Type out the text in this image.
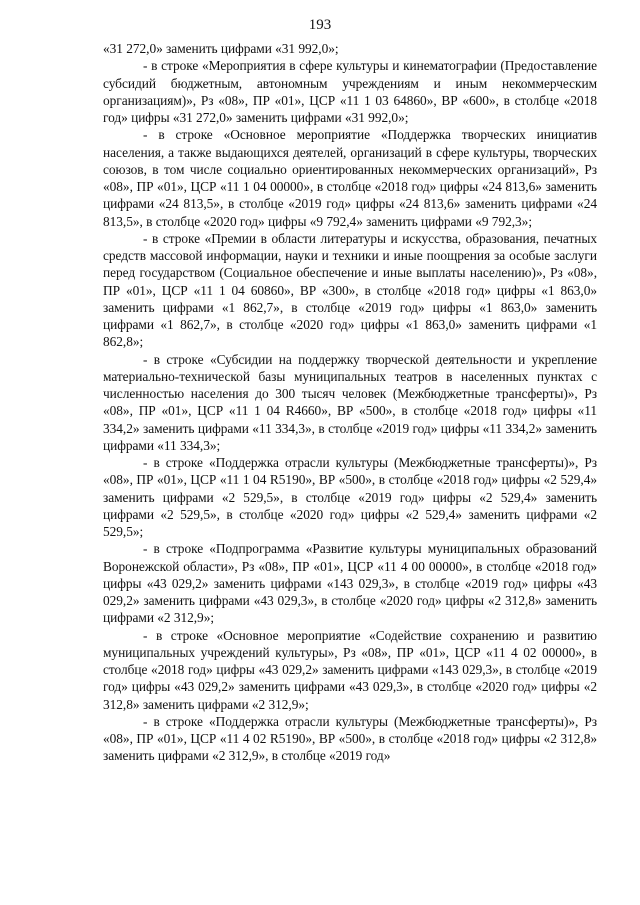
193

«31 272,0» заменить цифрами «31 992,0»;

- в строке «Мероприятия в сфере культуры и кинематографии (Предоставление субсидий бюджетным, автономным учреждениям и иным некоммерческим организациям)», Рз «08», ПР «01», ЦСР «11 1 03 64860», ВР «600», в столбце «2018 год» цифры «31 272,0» заменить цифрами «31 992,0»;

- в строке «Основное мероприятие «Поддержка творческих инициатив населения, а также выдающихся деятелей, организаций в сфере культуры, творческих союзов, в том числе социально ориентированных некоммерческих организаций», Рз «08», ПР «01», ЦСР «11 1 04 00000», в столбце «2018 год» цифры «24 813,6» заменить цифрами «24 813,5», в столбце «2019 год» цифры «24 813,6» заменить цифрами «24 813,5», в столбце «2020 год» цифры «9 792,4» заменить цифрами «9 792,3»;

- в строке «Премии в области литературы и искусства, образования, печатных средств массовой информации, науки и техники и иные поощрения за особые заслуги перед государством (Социальное обеспечение и иные выплаты населению)», Рз «08», ПР «01», ЦСР «11 1 04 60860», ВР «300», в столбце «2018 год» цифры «1 863,0» заменить цифрами «1 862,7», в столбце «2019 год» цифры «1 863,0» заменить цифрами «1 862,7», в столбце «2020 год» цифры «1 863,0» заменить цифрами «1 862,8»;

- в строке «Субсидии на поддержку творческой деятельности и укрепление материально-технической базы муниципальных театров в населенных пунктах с численностью населения до 300 тысяч человек (Межбюджетные трансферты)», Рз «08», ПР «01», ЦСР «11 1 04 R4660», ВР «500», в столбце «2018 год» цифры «11 334,2» заменить цифрами «11 334,3», в столбце «2019 год» цифры «11 334,2» заменить цифрами «11 334,3»;

- в строке «Поддержка отрасли культуры (Межбюджетные трансферты)», Рз «08», ПР «01», ЦСР «11 1 04 R5190», ВР «500», в столбце «2018 год» цифры «2 529,4» заменить цифрами «2 529,5», в столбце «2019 год» цифры «2 529,4» заменить цифрами «2 529,5», в столбце «2020 год» цифры «2 529,4» заменить цифрами «2 529,5»;

- в строке «Подпрограмма «Развитие культуры муниципальных образований Воронежской области», Рз «08», ПР «01», ЦСР «11 4 00 00000», в столбце «2018 год» цифры «43 029,2» заменить цифрами «143 029,3», в столбце «2019 год» цифры «43 029,2» заменить цифрами «43 029,3», в столбце «2020 год» цифры «2 312,8» заменить цифрами «2 312,9»;

- в строке «Основное мероприятие «Содействие сохранению и развитию муниципальных учреждений культуры», Рз «08», ПР «01», ЦСР «11 4 02 00000», в столбце «2018 год» цифры «43 029,2» заменить цифрами «143 029,3», в столбце «2019 год» цифры «43 029,2» заменить цифрами «43 029,3», в столбце «2020 год» цифры «2 312,8» заменить цифрами «2 312,9»;

- в строке «Поддержка отрасли культуры (Межбюджетные трансферты)», Рз «08», ПР «01», ЦСР «11 4 02 R5190», ВР «500», в столбце «2018 год» цифры «2 312,8» заменить цифрами «2 312,9», в столбце «2019 год»
